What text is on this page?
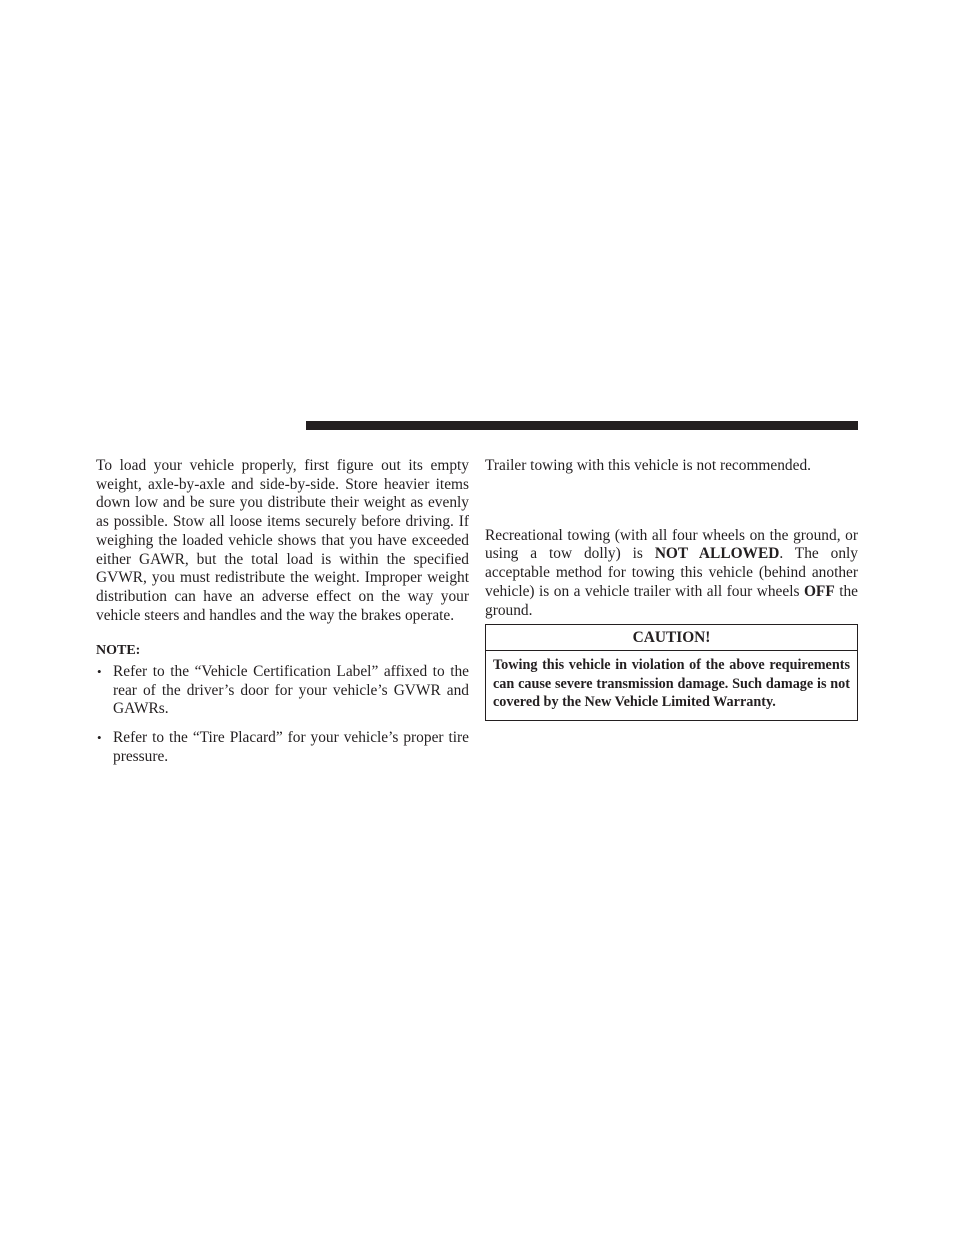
To load your vehicle properly, first figure out its empty weight, axle-by-axle and side-by-side. Store heavier items down low and be sure you distribute their weight as evenly as possible. Stow all loose items securely before driving. If weighing the loaded vehicle shows that you have exceeded either GAWR, but the total load is within the specified GVWR, you must redistribute the weight. Improper weight distribution can have an adverse effect on the way your vehicle steers and handles and the way the brakes operate.

NOTE:
• Refer to the “Vehicle Certification Label” affixed to the rear of the driver’s door for your vehicle’s GVWR and GAWRs.
• Refer to the “Tire Placard” for your vehicle’s proper tire pressure.

Trailer towing with this vehicle is not recommended.

Recreational towing (with all four wheels on the ground, or using a tow dolly) is NOT ALLOWED. The only acceptable method for towing this vehicle (behind another vehicle) is on a vehicle trailer with all four wheels OFF the ground.

CAUTION!
Towing this vehicle in violation of the above requirements can cause severe transmission damage. Such damage is not covered by the New Vehicle Limited Warranty.
